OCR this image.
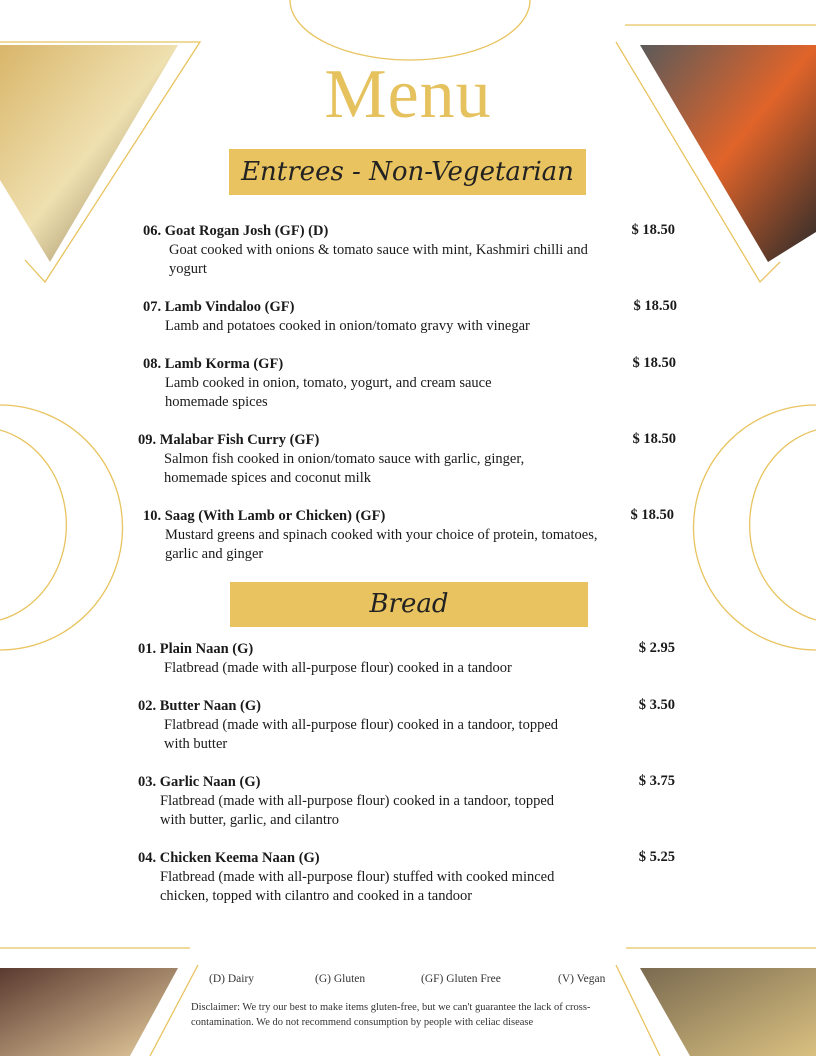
Menu
Entrees - Non-Vegetarian
Bread
06. Goat Rogan Josh (GF) (D)
Goat cooked with onions & tomato sauce with mint, Kashmiri chilli and yogurt
$ 18.50
07. Lamb Vindaloo (GF)
Lamb and potatoes cooked in onion/tomato gravy with vinegar
$ 18.50
08. Lamb Korma (GF)
Lamb cooked in onion, tomato, yogurt, and cream sauce homemade spices
$ 18.50
09. Malabar Fish Curry (GF)
Salmon fish cooked in onion/tomato sauce with garlic, ginger, homemade spices and coconut milk
$ 18.50
10. Saag (With Lamb or Chicken) (GF)
Mustard greens and spinach cooked with your choice of protein, tomatoes, garlic and ginger
$ 18.50
01. Plain Naan (G)
Flatbread (made with all-purpose flour) cooked in a tandoor
$ 2.95
02. Butter Naan (G)
Flatbread (made with all-purpose flour) cooked in a tandoor, topped with butter
$ 3.50
03. Garlic Naan (G)
Flatbread (made with all-purpose flour) cooked in a tandoor, topped with butter, garlic, and cilantro
$ 3.75
04. Chicken Keema Naan (G)
Flatbread (made with all-purpose flour) stuffed with cooked minced chicken, topped with cilantro and cooked in a tandoor
$ 5.25
(D) Dairy	(G) Gluten	(GF) Gluten Free	(V) Vegan
Disclaimer: We try our best to make items gluten-free, but we can't guarantee the lack of cross-contamination. We do not recommend consumption by people with celiac disease
